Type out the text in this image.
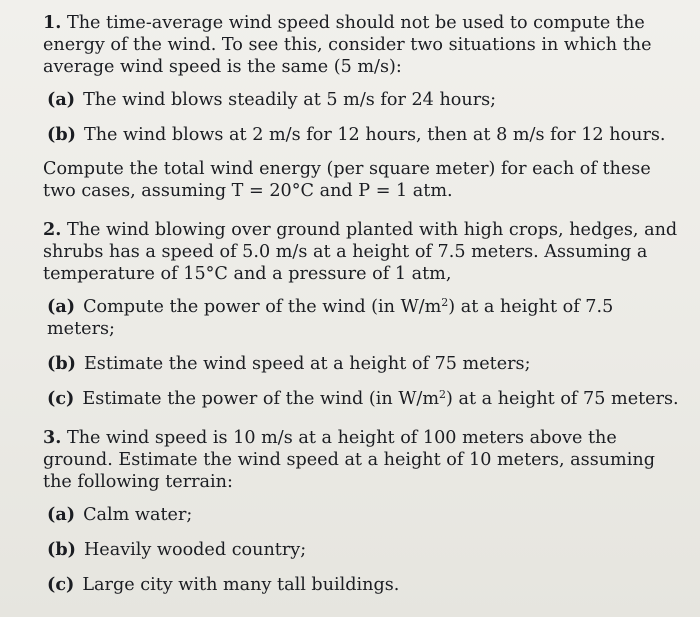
1. The time-average wind speed should not be used to compute the energy of the wind. To see this, consider two situations in which the average wind speed is the same (5 m/s):

(a) The wind blows steadily at 5 m/s for 24 hours;

(b) The wind blows at 2 m/s for 12 hours, then at 8 m/s for 12 hours.

Compute the total wind energy (per square meter) for each of these two cases, assuming T = 20°C and P = 1 atm.

2. The wind blowing over ground planted with high crops, hedges, and shrubs has a speed of 5.0 m/s at a height of 7.5 meters. Assuming a temperature of 15°C and a pressure of 1 atm,

(a) Compute the power of the wind (in $W/m^2$) at a height of 7.5 meters;

(b) Estimate the wind speed at a height of 75 meters;

(c) Estimate the power of the wind (in $W/m^2$) at a height of 75 meters.

3. The wind speed is 10 m/s at a height of 100 meters above the ground. Estimate the wind speed at a height of 10 meters, assuming the following terrain:

(a) Calm water;

(b) Heavily wooded country;

(c) Large city with many tall buildings.
